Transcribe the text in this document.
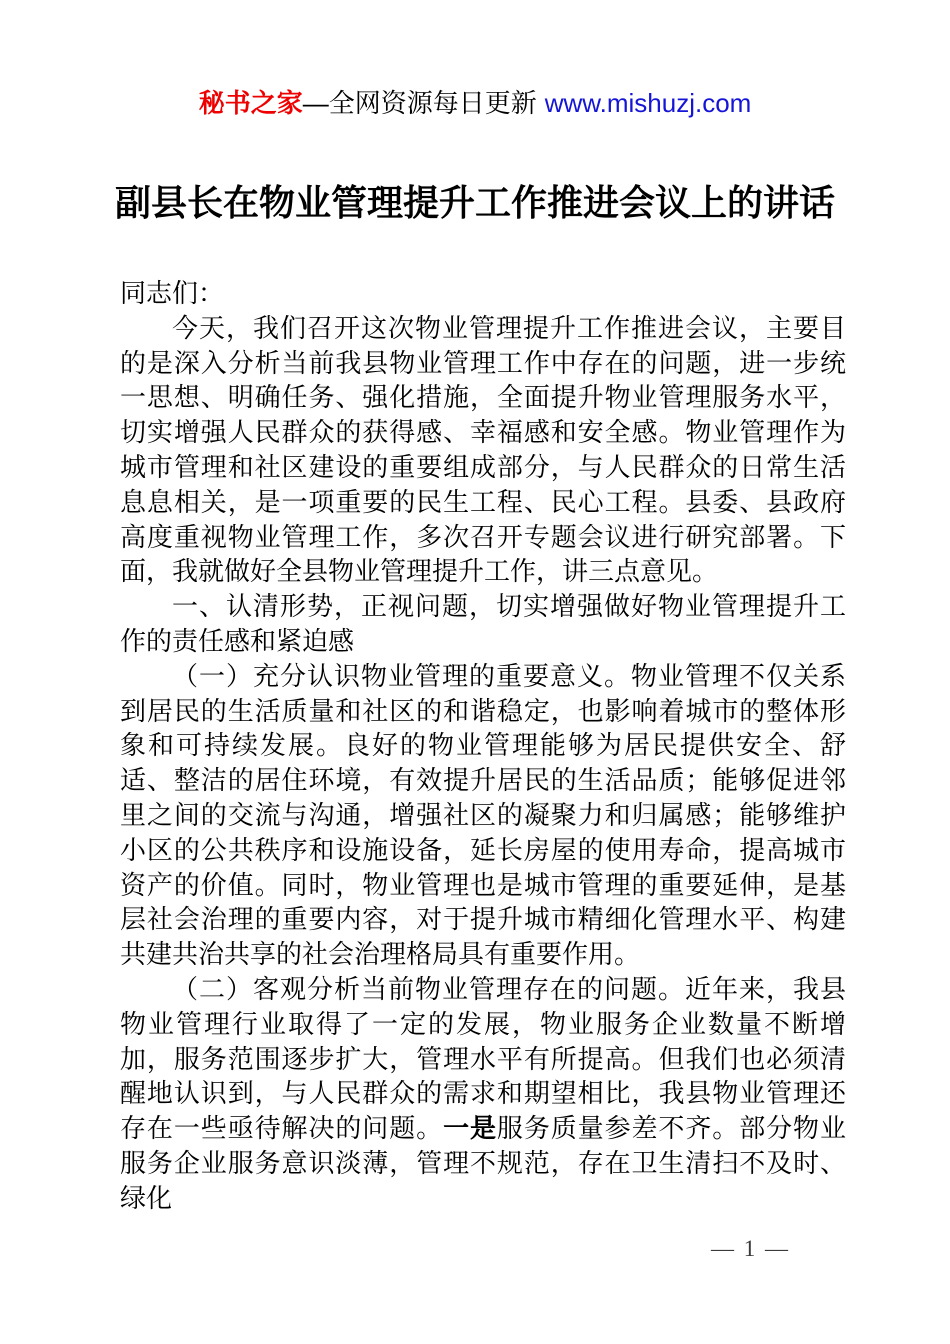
秘书之家—全网资源每日更新 www.mishuzj.com
副县长在物业管理提升工作推进会议上的讲话

同志们：

今天，我们召开这次物业管理提升工作推进会议，主要目的是深入分析当前我县物业管理工作中存在的问题，进一步统一思想、明确任务、强化措施，全面提升物业管理服务水平，切实增强人民群众的获得感、幸福感和安全感。物业管理作为城市管理和社区建设的重要组成部分，与人民群众的日常生活息息相关，是一项重要的民生工程、民心工程。县委、县政府高度重视物业管理工作，多次召开专题会议进行研究部署。下面，我就做好全县物业管理提升工作，讲三点意见。

一、认清形势，正视问题，切实增强做好物业管理提升工作的责任感和紧迫感

（一）充分认识物业管理的重要意义。物业管理不仅关系到居民的生活质量和社区的和谐稳定，也影响着城市的整体形象和可持续发展。良好的物业管理能够为居民提供安全、舒适、整洁的居住环境，有效提升居民的生活品质；能够促进邻里之间的交流与沟通，增强社区的凝聚力和归属感；能够维护小区的公共秩序和设施设备，延长房屋的使用寿命，提高城市资产的价值。同时，物业管理也是城市管理的重要延伸，是基层社会治理的重要内容，对于提升城市精细化管理水平、构建共建共治共享的社会治理格局具有重要作用。

（二）客观分析当前物业管理存在的问题。近年来，我县物业管理行业取得了一定的发展，物业服务企业数量不断增加，服务范围逐步扩大，管理水平有所提高。但我们也必须清醒地认识到，与人民群众的需求和期望相比，我县物业管理还存在一些亟待解决的问题。一是服务质量参差不齐。部分物业服务企业服务意识淡薄，管理不规范，存在卫生清扫不及时、绿化

— 1 —
